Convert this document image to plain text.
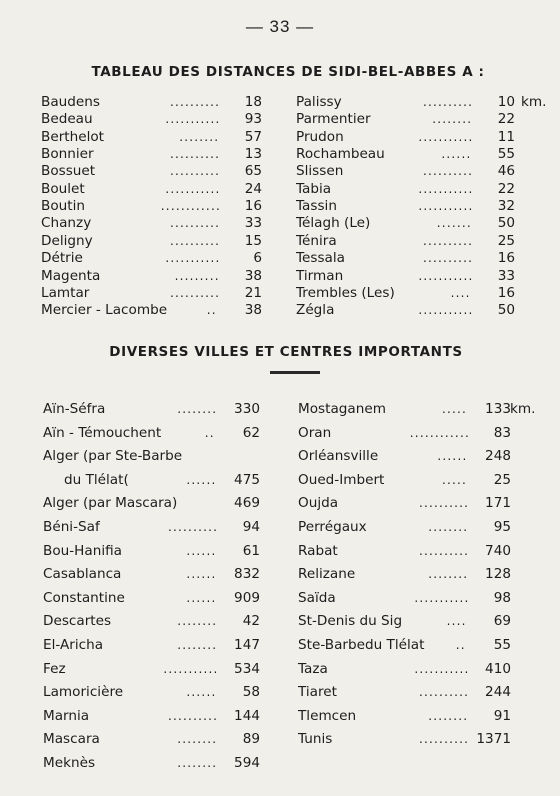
— 33 —
TABLEAU DES DISTANCES DE SIDI-BEL-ABBES A :
Baudens	..........	18
Bedeau	...........	93
Berthelot	........	57
Bonnier	..........	13
Bossuet	..........	65
Boulet	...........	24
Boutin	............	16
Chanzy	..........	33
Deligny	..........	15
Détrie	...........	6
Magenta	.........	38
Lamtar	..........	21
Mercier - Lacombe	..	38
Palissy	..........	10 km.
Parmentier	........	22
Prudon	...........	11
Rochambeau	......	55
Slissen	..........	46
Tabia	...........	22
Tassin	...........	32
Télagh (Le)	.......	50
Ténira	..........	25
Tessala	..........	16
Tirman	...........	33
Trembles (Les)	....	16
Zégla	...........	50
DIVERSES VILLES ET CENTRES IMPORTANTS
Aïn-Séfra	........	330
Aïn - Témouchent	..	62
Alger (par Ste-Barbe
du Tlélat(	......	475
Alger (par Mascara)	469
Béni-Saf	..........	94
Bou-Hanifia	......	61
Casablanca	......	832
Constantine	......	909
Descartes	........	42
El-Aricha	........	147
Fez	...........	534
Lamoricière	......	58
Marnia	..........	144
Mascara	........	89
Meknès	........	594
Mostaganem	.....	133 km.
Oran	............	83
Orléansville	......	248
Oued-Imbert	.....	25
Oujda	..........	171
Perrégaux	........	95
Rabat	..........	740
Relizane	........	128
Saïda	...........	98
St-Denis du Sig	....	69
Ste-Barbedu Tlélat	..	55
Taza	...........	410
Tiaret	..........	244
Tlemcen	........	91
Tunis	.......... 1371
